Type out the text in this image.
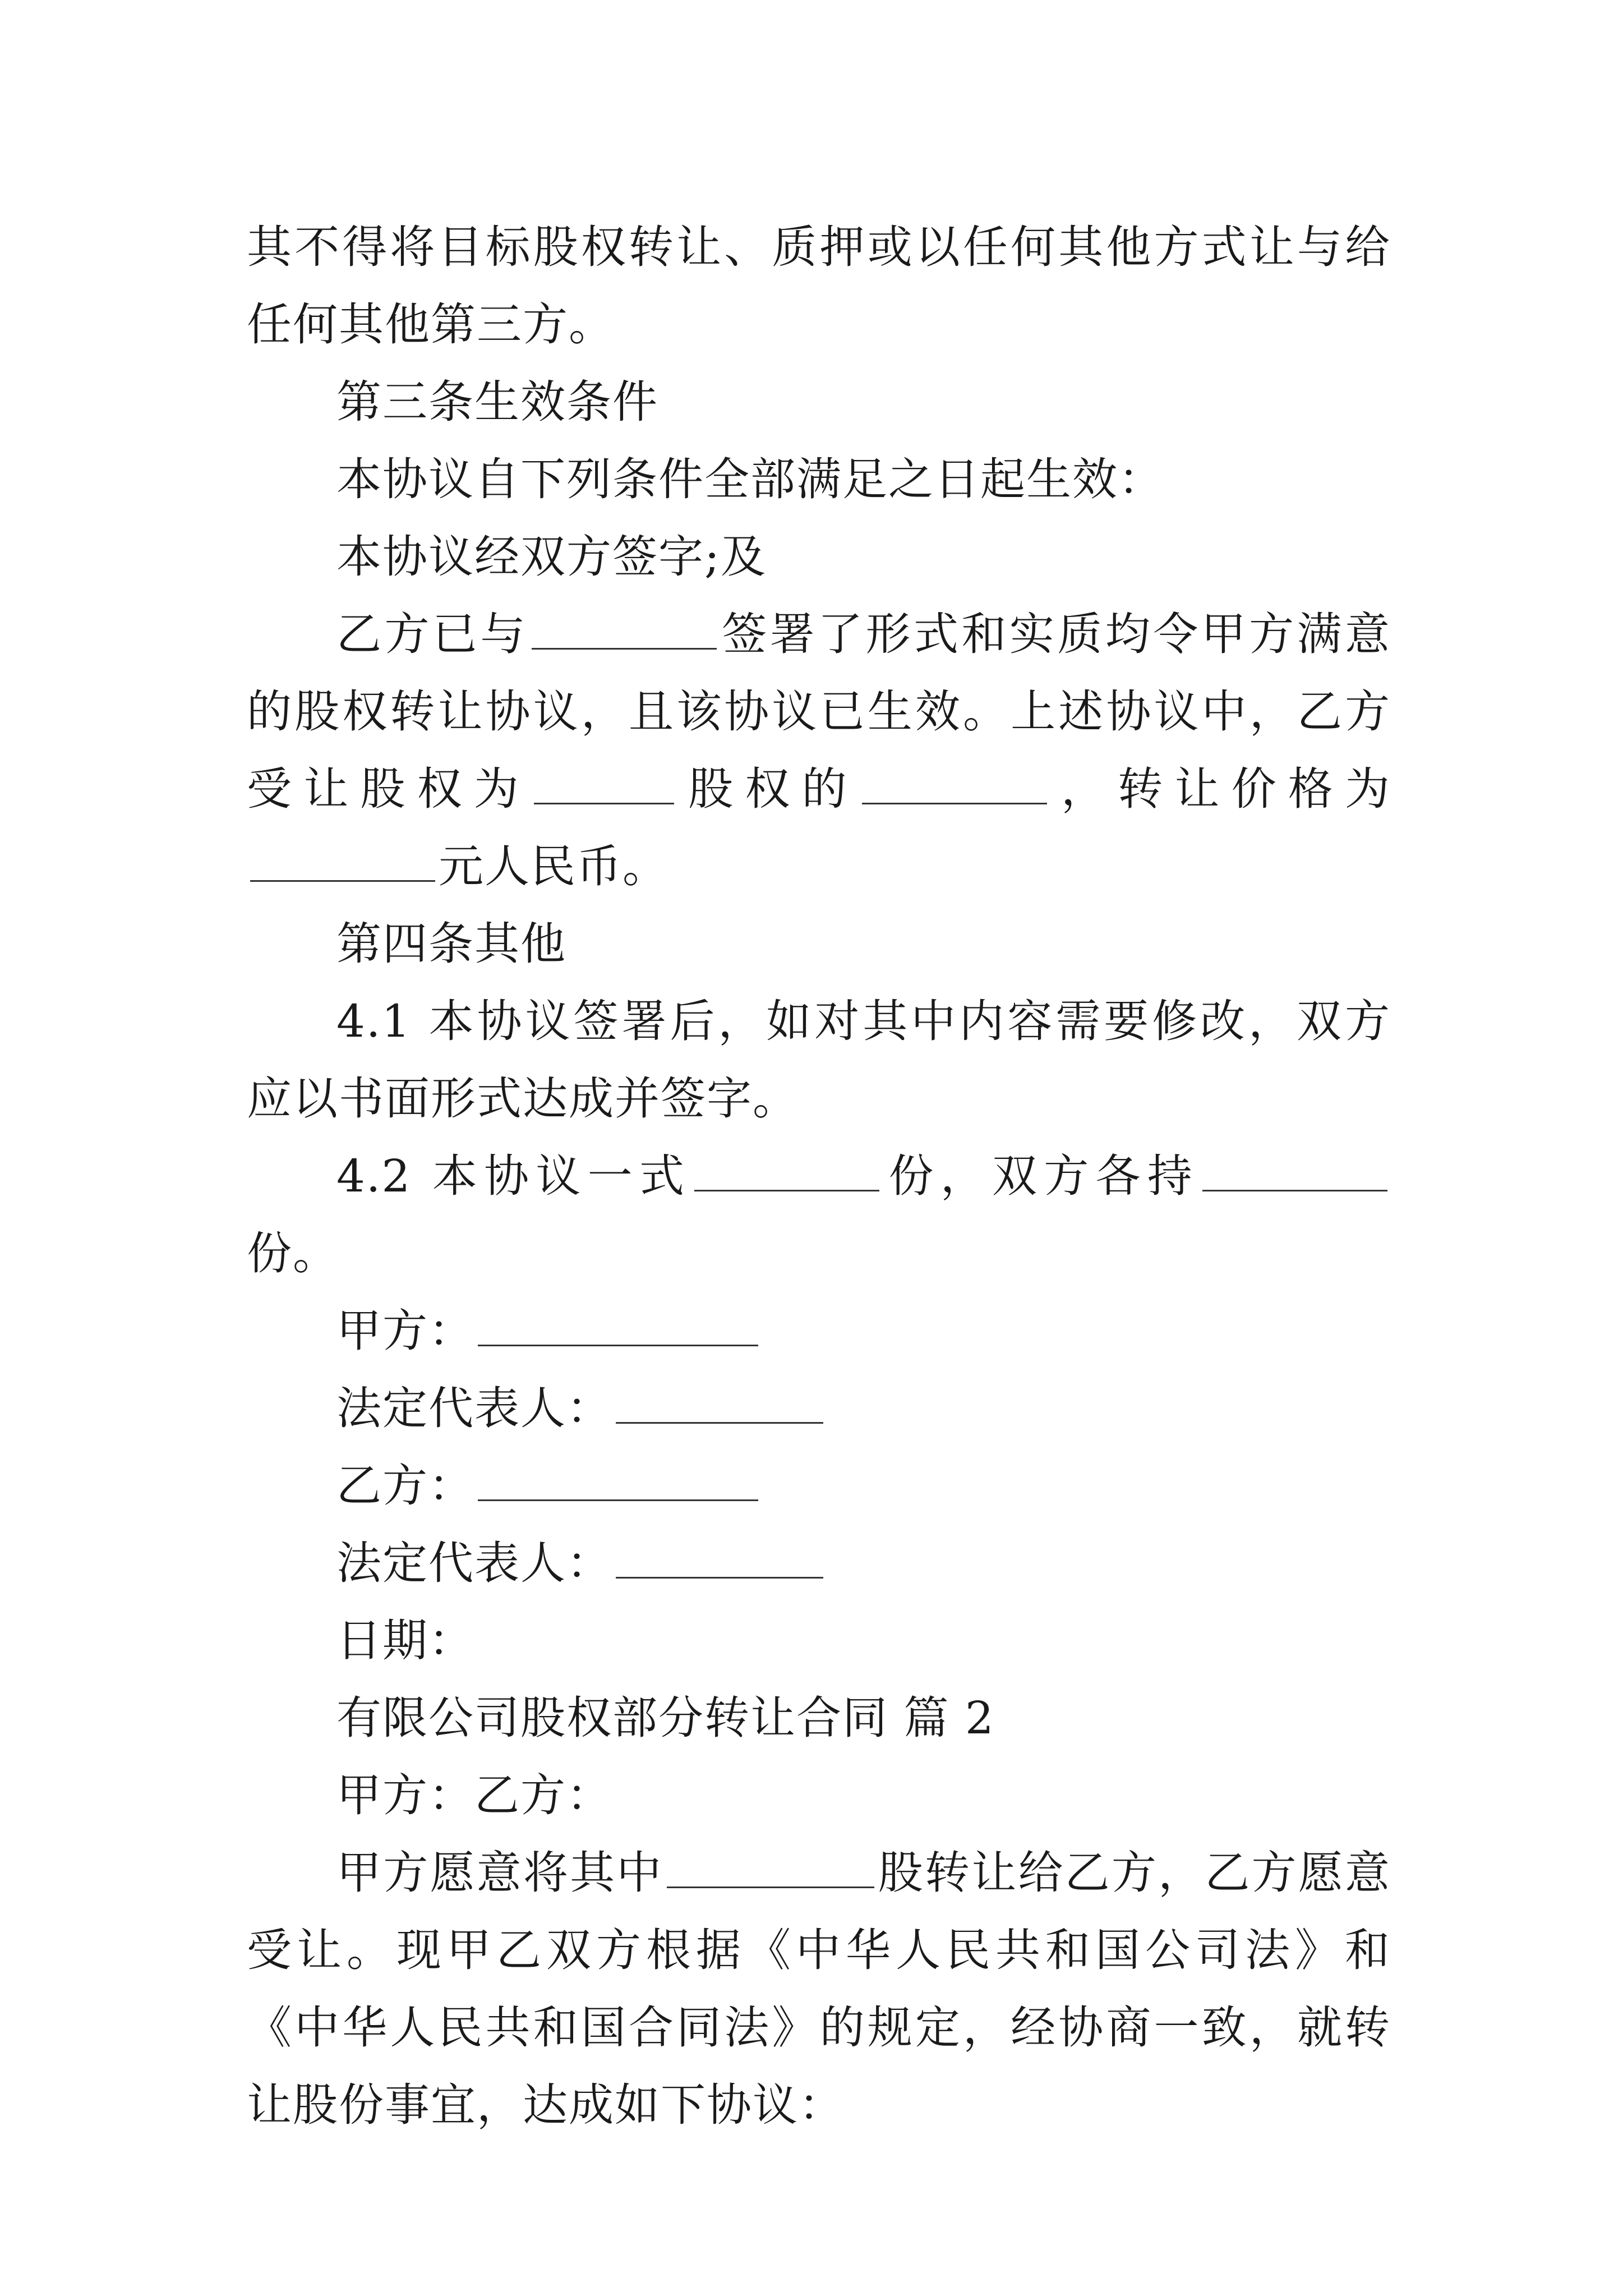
其不得将目标股权转让、质押或以任何其他方式让与给任何其他第三方。

第三条生效条件

本协议自下列条件全部满足之日起生效：

本协议经双方签字;及

乙方已与	签署了形式和实质均令甲方满意的股权转让协议，且该协议已生效。上述协议中，乙方受让股权为	股权的	，转让价格为元人民币。

第四条其他

4.1 本协议签署后，如对其中内容需要修改，双方应以书面形式达成并签字。

4.2 本协议一式	份，双方各持份。

甲方：

法定代表人：

乙方：

法定代表人：

日期：

有限公司股权部分转让合同 篇 2

甲方：乙方：

甲方愿意将其中	股转让给乙方，乙方愿意受让。现甲乙双方根据《中华人民共和国公司法》和《中华人民共和国合同法》的规定，经协商一致，就转让股份事宜，达成如下协议：
